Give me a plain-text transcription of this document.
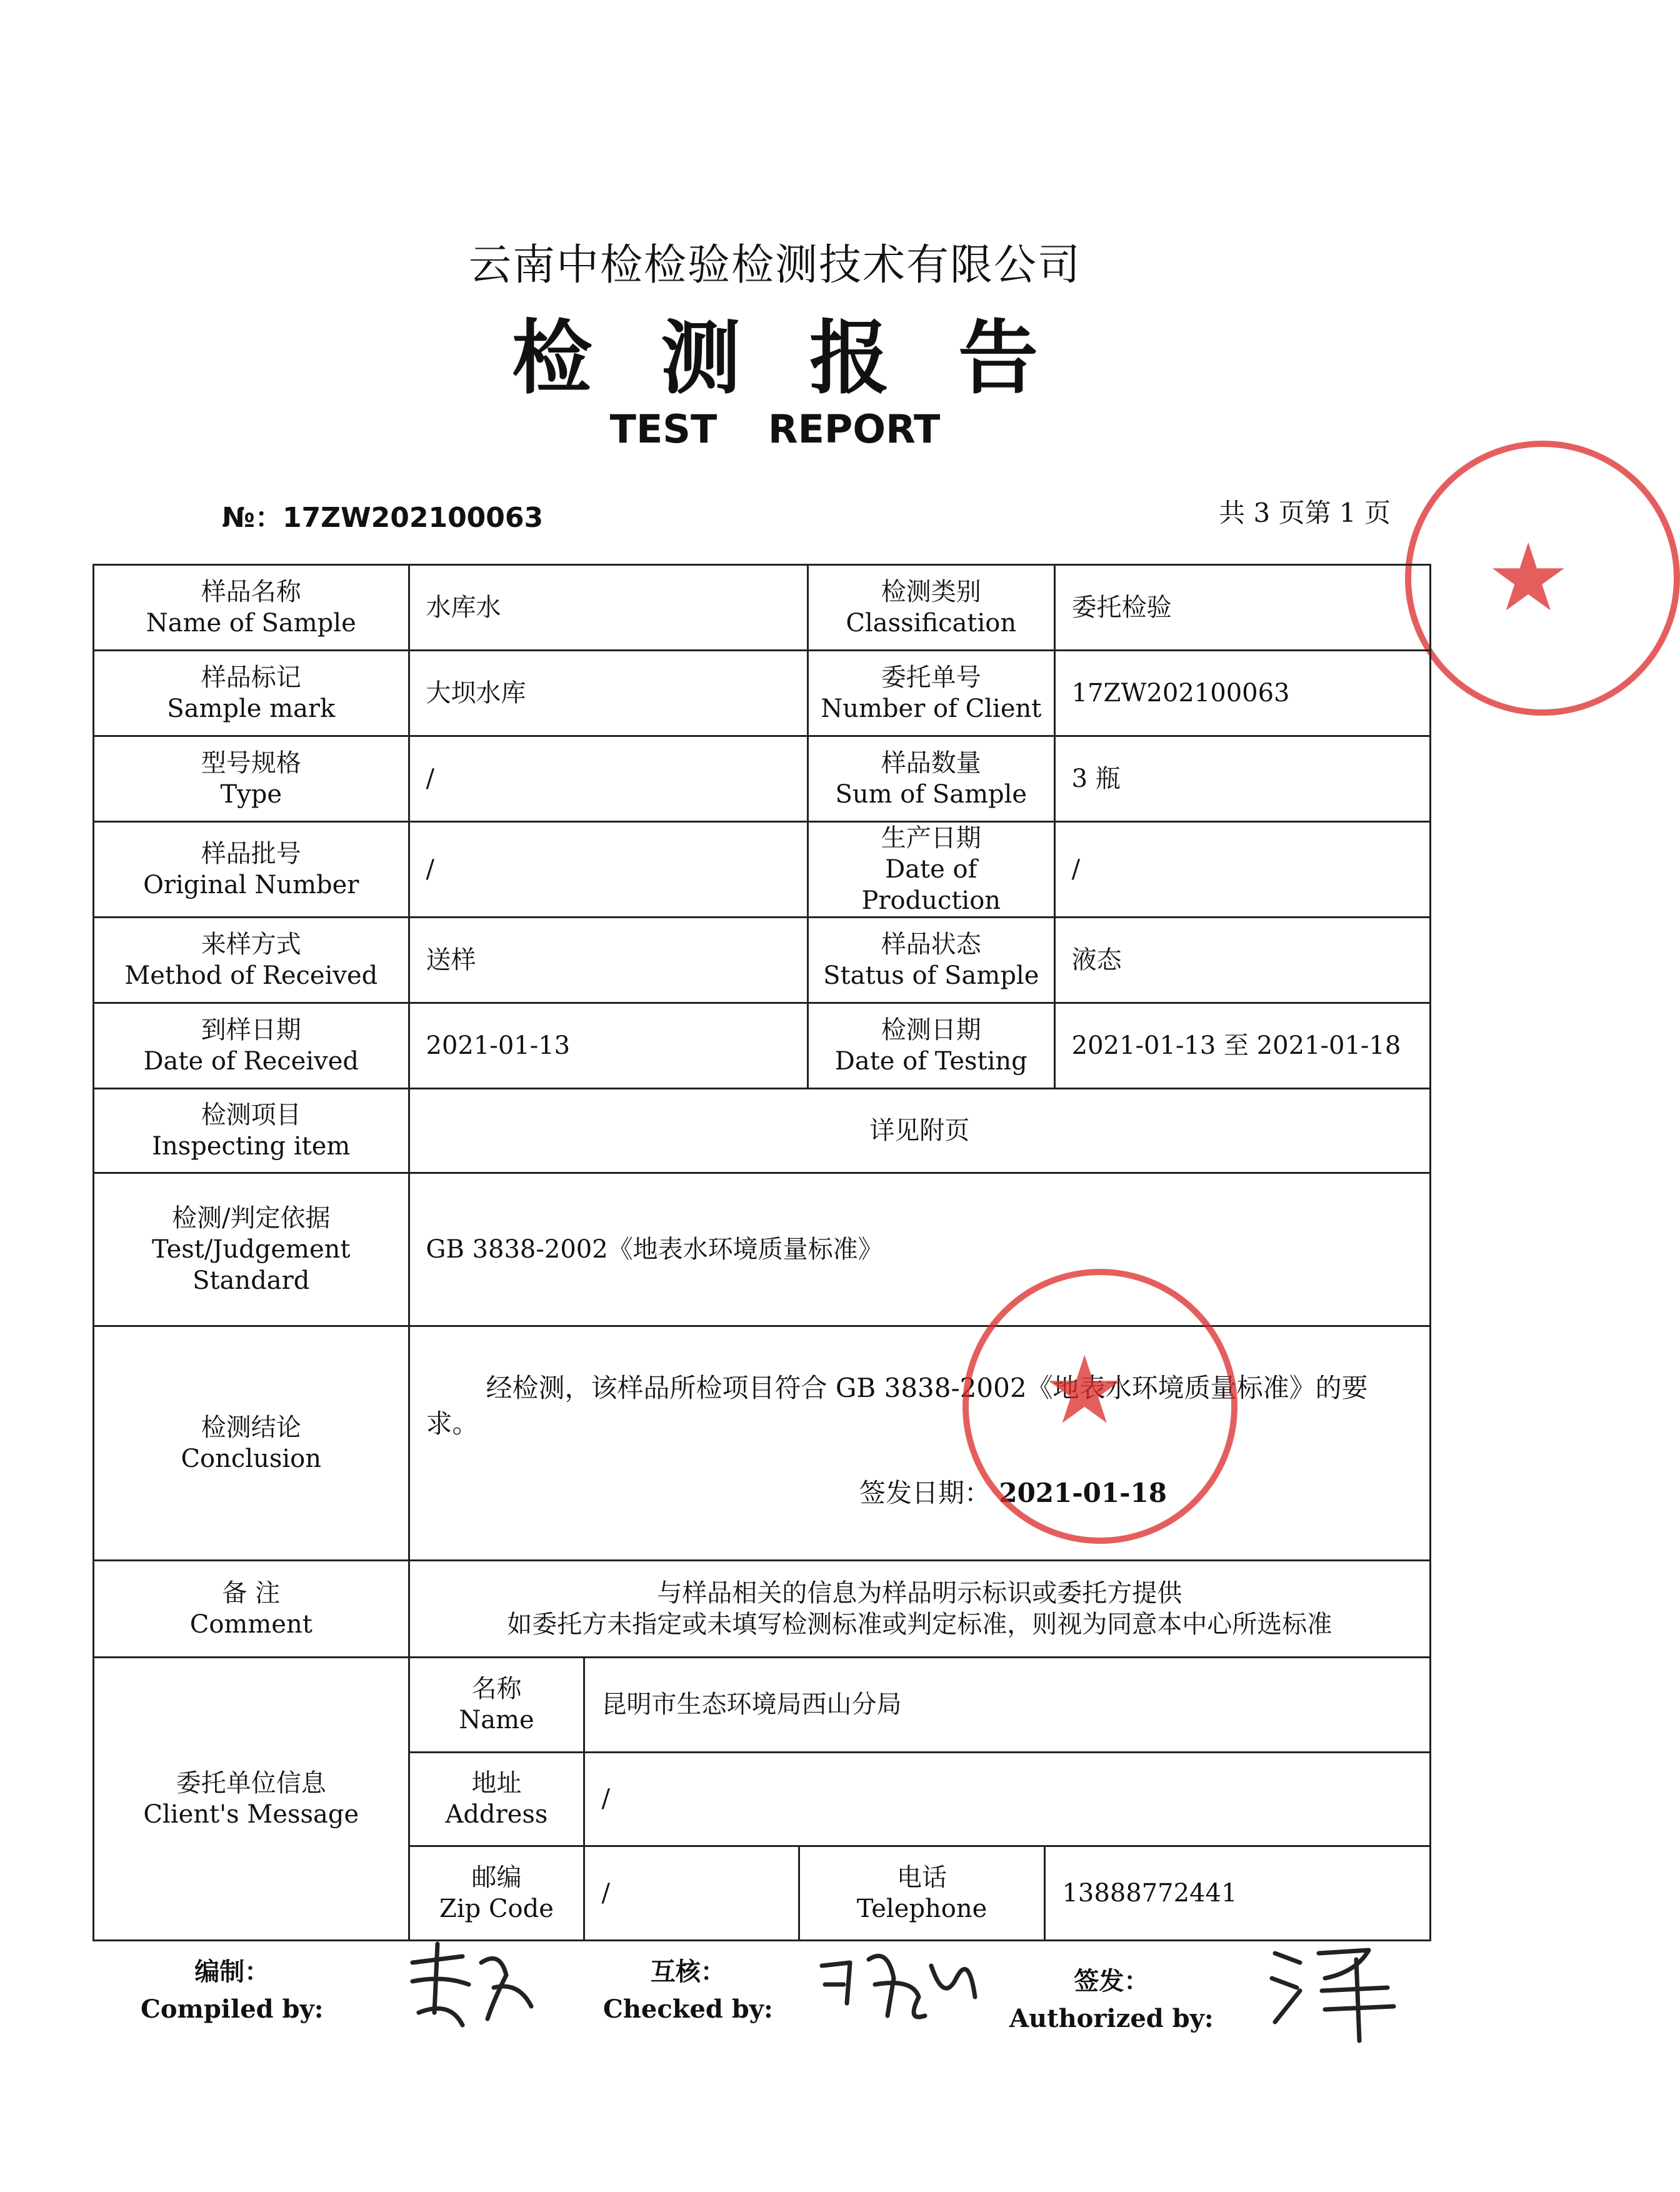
云南中检检验检测技术有限公司
检测报告
TEST REPORT
№：17ZW202100063	共 3 页第 1 页
★
样品名称
Name of Sample
	水库水	
检测类别
Classification
	委托检验

样品标记
Sample mark
	大坝水库	
委托单号
Number of Client
	17ZW202100063

型号规格
Type
	/	
样品数量
Sum of Sample
	3 瓶

样品批号
Original Number
	/	
生产日期
Date of Production
	/

来样方式
Method of Received
	送样	
样品状态
Status of Sample
	液态

到样日期
Date of Received
	2021-01-13	
检测日期
Date of Testing
	2021-01-13 至 2021-01-18

检测项目
Inspecting item
	详见附页

检测/判定依据
Test/Judgement Standard
	GB 3838-2002《地表水环境质量标准》

检测结论
Conclusion

经检测，该样品所检项目符合 GB 3838-2002《地表水环境质量标准》的要求。
签发日期： 2021-01-18

备 注
Comment

与样品相关的信息为样品明示标识或委托方提供
如委托方未指定或未填写检测标准或判定标准，则视为同意本中心所选标准

委托单位信息
Client's Message

名称
Name
	昆明市生态环境局西山分局

地址
Address
	/

邮编
Zip Code
	/	
电话
Telephone
	13888772441
★
编制：
Compiled by:
互核：
Checked by:
签发：
Authorized by:
